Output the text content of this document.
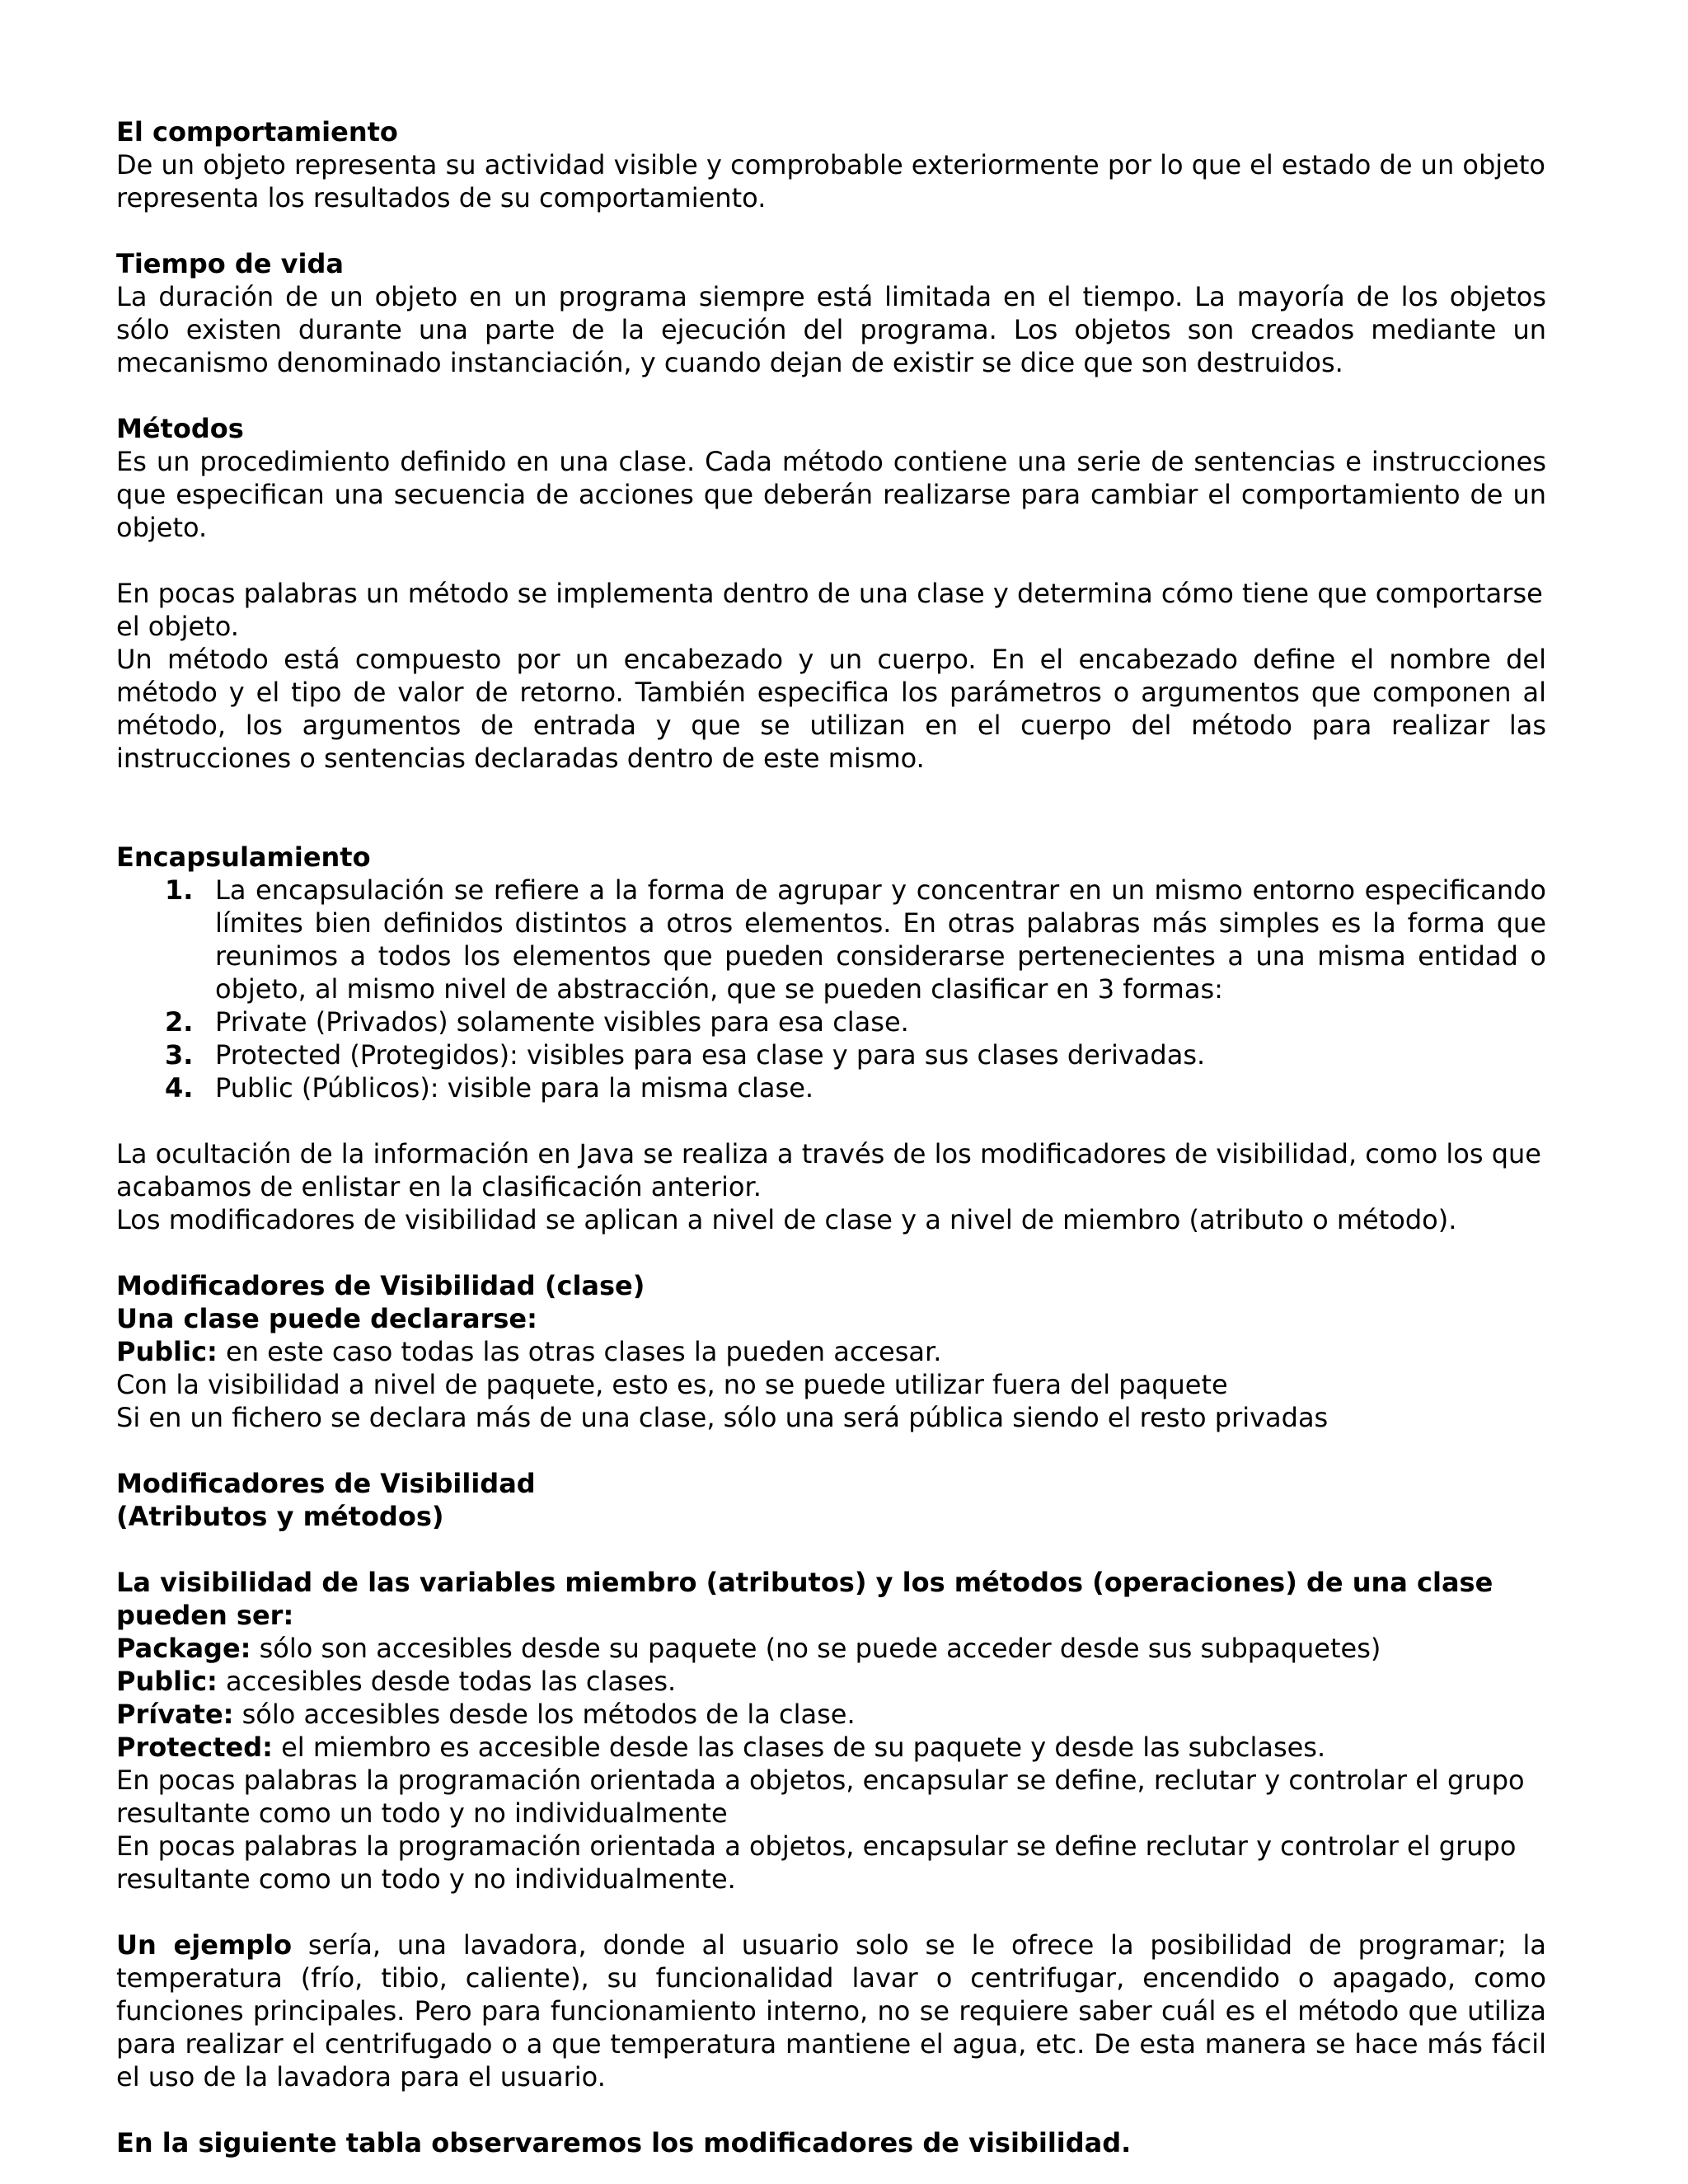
El comportamiento

De un objeto representa su actividad visible y comprobable exteriormente por lo que el estado de un objeto representa los resultados de su comportamiento.

Tiempo de vida

La duración de un objeto en un programa siempre está limitada en el tiempo. La mayoría de los objetos sólo existen durante una parte de la ejecución del programa. Los objetos son creados mediante un mecanismo denominado instanciación, y cuando dejan de existir se dice que son destruidos.

Métodos

Es un procedimiento definido en una clase. Cada método contiene una serie de sentencias e instrucciones que especifican una secuencia de acciones que deberán realizarse para cambiar el comportamiento de un objeto.

En pocas palabras un método se implementa dentro de una clase y determina cómo tiene que comportarse el objeto.

Un método está compuesto por un encabezado y un cuerpo. En el encabezado define el nombre del método y el tipo de valor de retorno. También especifica los parámetros o argumentos que componen al método, los argumentos de entrada y que se utilizan en el cuerpo del método para realizar las instrucciones o sentencias declaradas dentro de este mismo.

Encapsulamiento

1. La encapsulación se refiere a la forma de agrupar y concentrar en un mismo entorno especificando límites bien definidos distintos a otros elementos. En otras palabras más simples es la forma que reunimos a todos los elementos que pueden considerarse pertenecientes a una misma entidad o objeto, al mismo nivel de abstracción, que se pueden clasificar en 3 formas:
2. Private (Privados) solamente visibles para esa clase.
3. Protected (Protegidos): visibles para esa clase y para sus clases derivadas.
4. Public (Públicos): visible para la misma clase.

La ocultación de la información en Java se realiza a través de los modificadores de visibilidad, como los que acabamos de enlistar en la clasificación anterior.

Los modificadores de visibilidad se aplican a nivel de clase y a nivel de miembro (atributo o método).

Modificadores de Visibilidad (clase)

Una clase puede declararse:

Public: en este caso todas las otras clases la pueden accesar.

Con la visibilidad a nivel de paquete, esto es, no se puede utilizar fuera del paquete

Si en un fichero se declara más de una clase, sólo una será pública siendo el resto privadas

Modificadores de Visibilidad

(Atributos y métodos)

La visibilidad de las variables miembro (atributos) y los métodos (operaciones) de una clase pueden ser:

Package: sólo son accesibles desde su paquete (no se puede acceder desde sus subpaquetes)

Public: accesibles desde todas las clases.

Prívate: sólo accesibles desde los métodos de la clase.

Protected: el miembro es accesible desde las clases de su paquete y desde las subclases.

En pocas palabras la programación orientada a objetos, encapsular se define, reclutar y controlar el grupo resultante como un todo y no individualmente

En pocas palabras la programación orientada a objetos, encapsular se define reclutar y controlar el grupo resultante como un todo y no individualmente.

Un ejemplo sería, una lavadora, donde al usuario solo se le ofrece la posibilidad de programar; la temperatura (frío, tibio, caliente), su funcionalidad lavar o centrifugar, encendido o apagado, como funciones principales. Pero para funcionamiento interno, no se requiere saber cuál es el método que utiliza para realizar el centrifugado o a que temperatura mantiene el agua, etc. De esta manera se hace más fácil el uso de la lavadora para el usuario.

En la siguiente tabla observaremos los modificadores de visibilidad.
